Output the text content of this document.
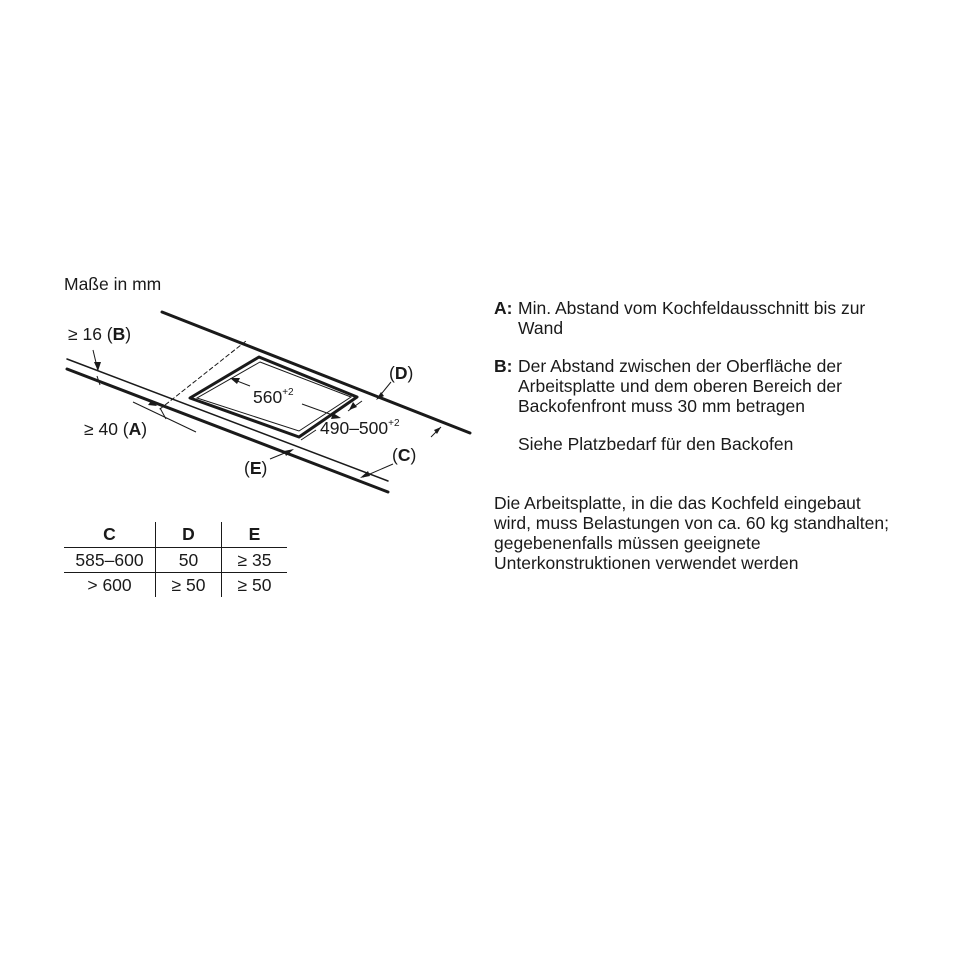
Maße in mm
≥ 16 (B)
≥ 40 (A)
(D)
(C)
(E)
$560^{+2}$
$490-500^{+2}$
C	D	E
585–600	50	≥ 35
> 600	≥ 50	≥ 50
A: Min. Abstand vom Kochfeldausschnitt bis zur Wand
B: Der Abstand zwischen der Oberfläche der Arbeitsplatte und dem oberen Bereich der Backofenfront muss 30 mm betragen
Siehe Platzbedarf für den Backofen
Die Arbeitsplatte, in die das Kochfeld eingebaut wird, muss Belastungen von ca. 60 kg standhalten; gegebenenfalls müssen geeignete Unterkonstruktionen verwendet werden
